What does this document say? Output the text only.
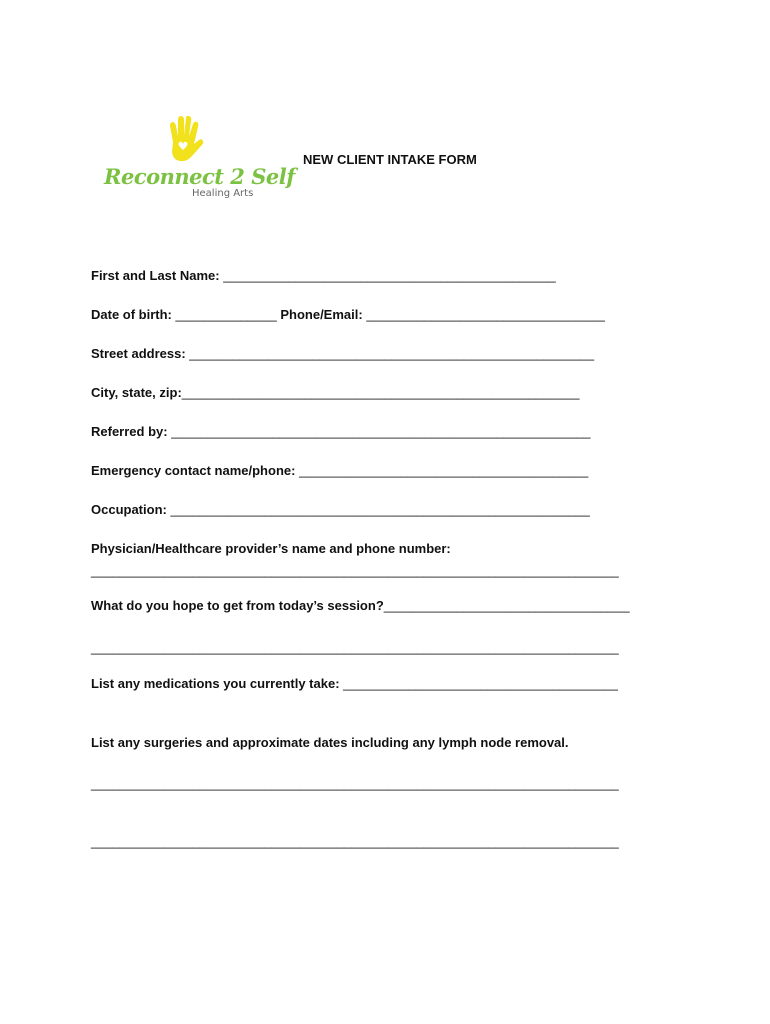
Reconnect 2 Self
Healing Arts
NEW CLIENT INTAKE FORM
First and Last Name: ______________________________________________
Date of birth: ______________ Phone/Email: _________________________________
Street address: ________________________________________________________
City, state, zip:_______________________________________________________
Referred by: __________________________________________________________
Emergency contact name/phone: ________________________________________
Occupation: __________________________________________________________
Physician/Healthcare provider’s name and phone number:
_________________________________________________________________________
What do you hope to get from today’s session?__________________________________
_________________________________________________________________________
List any medications you currently take: ______________________________________
List any surgeries and approximate dates including any lymph node removal.
_________________________________________________________________________
_________________________________________________________________________
